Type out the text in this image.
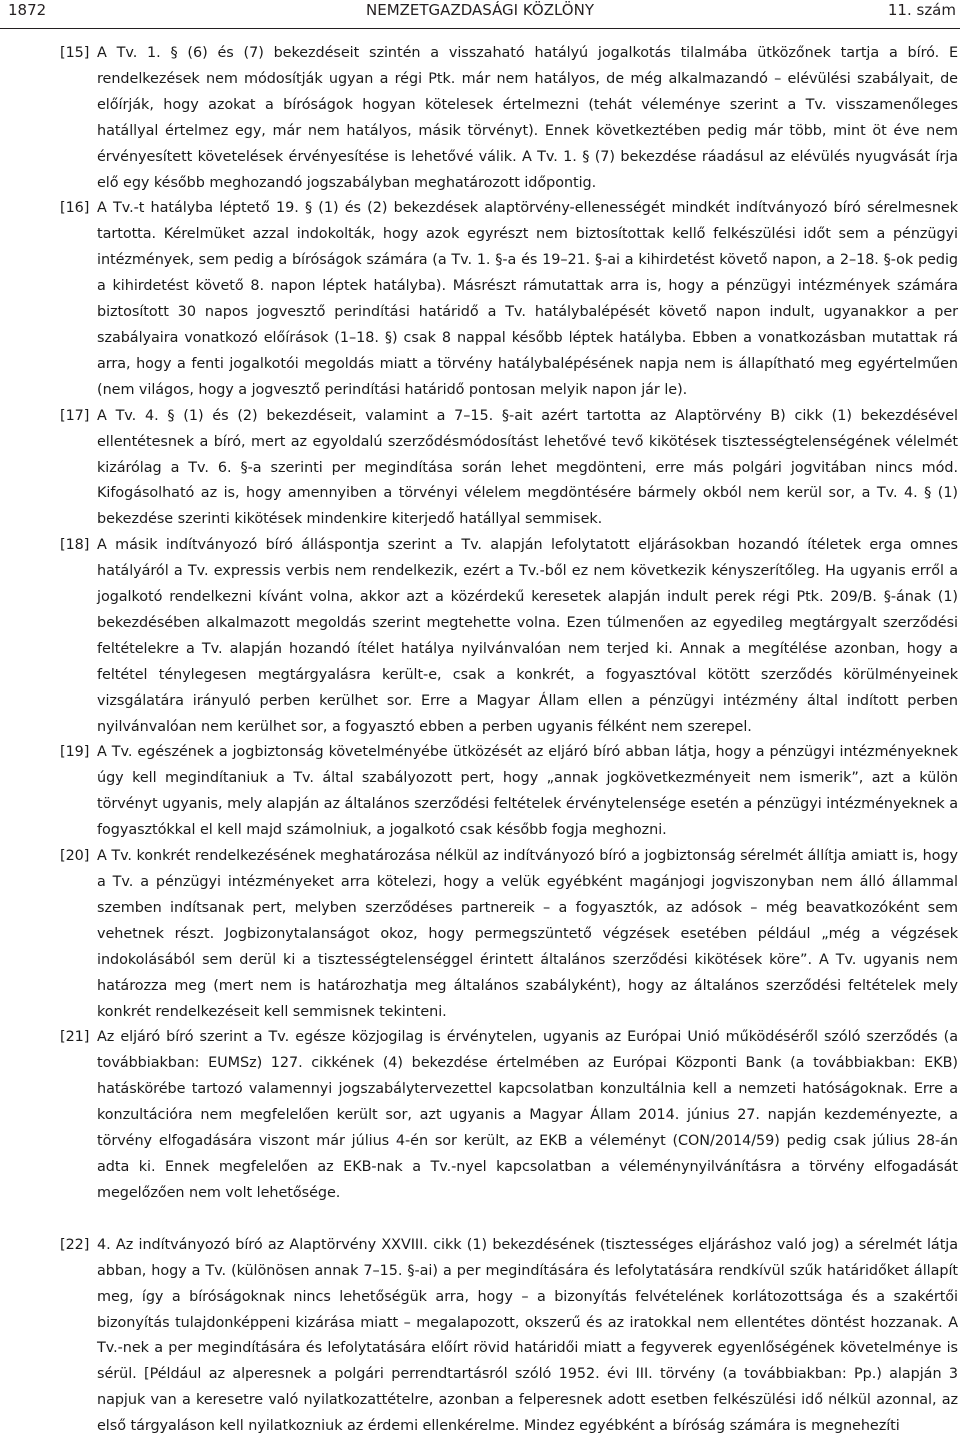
1872	NEMZETGAZDASÁGI KÖZLÖNY	11. szám
[15] A Tv. 1. § (6) és (7) bekezdéseit szintén a visszaható hatályú jogalkotás tilalmába ütközőnek tartja a bíró. E rendelkezések nem módosítják ugyan a régi Ptk. már nem hatályos, de még alkalmazandó – elévülési szabályait, de előírják, hogy azokat a bíróságok hogyan kötelesek értelmezni (tehát véleménye szerint a Tv. visszamenőleges hatállyal értelmez egy, már nem hatályos, másik törvényt). Ennek következtében pedig már több, mint öt éve nem érvényesített követelések érvényesítése is lehetővé válik. A Tv. 1. § (7) bekezdése ráadásul az elévülés nyugvását írja elő egy később meghozandó jogszabályban meghatározott időpontig.
[16] A Tv.-t hatályba léptető 19. § (1) és (2) bekezdések alaptörvény-ellenességét mindkét indítványozó bíró sérelmesnek tartotta. Kérelmüket azzal indokolták, hogy azok egyrészt nem biztosítottak kellő felkészülési időt sem a pénzügyi intézmények, sem pedig a bíróságok számára (a Tv. 1. §-a és 19–21. §-ai a kihirdetést követő napon, a 2–18. §-ok pedig a kihirdetést követő 8. napon léptek hatályba). Másrészt rámutattak arra is, hogy a pénzügyi intézmények számára biztosított 30 napos jogvesztő perindítási határidő a Tv. hatálybalépését követő napon indult, ugyanakkor a per szabályaira vonatkozó előírások (1–18. §) csak 8 nappal később léptek hatályba. Ebben a vonatkozásban mutattak rá arra, hogy a fenti jogalkotói megoldás miatt a törvény hatálybalépésének napja nem is állapítható meg egyértelműen (nem világos, hogy a jogvesztő perindítási határidő pontosan melyik napon jár le).
[17] A Tv. 4. § (1) és (2) bekezdéseit, valamint a 7–15. §-ait azért tartotta az Alaptörvény B) cikk (1) bekezdésével ellentétesnek a bíró, mert az egyoldalú szerződésmódosítást lehetővé tevő kikötések tisztességtelenségének vélelmét kizárólag a Tv. 6. §-a szerinti per megindítása során lehet megdönteni, erre más polgári jogvitában nincs mód. Kifogásolható az is, hogy amennyiben a törvényi vélelem megdöntésére bármely okból nem kerül sor, a Tv. 4. § (1) bekezdése szerinti kikötések mindenkire kiterjedő hatállyal semmisek.
[18] A másik indítványozó bíró álláspontja szerint a Tv. alapján lefolytatott eljárásokban hozandó ítéletek erga omnes hatályáról a Tv. expressis verbis nem rendelkezik, ezért a Tv.-ből ez nem következik kényszerítőleg. Ha ugyanis erről a jogalkotó rendelkezni kívánt volna, akkor azt a közérdekű keresetek alapján indult perek régi Ptk. 209/B. §-ának (1) bekezdésében alkalmazott megoldás szerint megtehette volna. Ezen túlmenően az egyedileg megtárgyalt szerződési feltételekre a Tv. alapján hozandó ítélet hatálya nyilvánvalóan nem terjed ki. Annak a megítélése azonban, hogy a feltétel ténylegesen megtárgyalásra került-e, csak a konkrét, a fogyasztóval kötött szerződés körülményeinek vizsgálatára irányuló perben kerülhet sor. Erre a Magyar Állam ellen a pénzügyi intézmény által indított perben nyilvánvalóan nem kerülhet sor, a fogyasztó ebben a perben ugyanis félként nem szerepel.
[19] A Tv. egészének a jogbiztonság követelményébe ütközését az eljáró bíró abban látja, hogy a pénzügyi intézményeknek úgy kell megindítaniuk a Tv. által szabályozott pert, hogy „annak jogkövetkezményeit nem ismerik”, azt a külön törvényt ugyanis, mely alapján az általános szerződési feltételek érvénytelensége esetén a pénzügyi intézményeknek a fogyasztókkal el kell majd számolniuk, a jogalkotó csak később fogja meghozni.
[20] A Tv. konkrét rendelkezésének meghatározása nélkül az indítványozó bíró a jogbiztonság sérelmét állítja amiatt is, hogy a Tv. a pénzügyi intézményeket arra kötelezi, hogy a velük egyébként magánjogi jogviszonyban nem álló állammal szemben indítsanak pert, melyben szerződéses partnereik – a fogyasztók, az adósok – még beavatkozóként sem vehetnek részt. Jogbizonytalanságot okoz, hogy permegszüntető végzések esetében például „még a végzések indokolásából sem derül ki a tisztességtelenséggel érintett általános szerződési kikötések köre”. A Tv. ugyanis nem határozza meg (mert nem is határozhatja meg általános szabályként), hogy az általános szerződési feltételek mely konkrét rendelkezéseit kell semmisnek tekinteni.
[21] Az eljáró bíró szerint a Tv. egésze közjogilag is érvénytelen, ugyanis az Európai Unió működéséről szóló szerződés (a továbbiakban: EUMSz) 127. cikkének (4) bekezdése értelmében az Európai Központi Bank (a továbbiakban: EKB) hatáskörébe tartozó valamennyi jogszabálytervezettel kapcsolatban konzultálnia kell a nemzeti hatóságoknak. Erre a konzultációra nem megfelelően került sor, azt ugyanis a Magyar Állam 2014. június 27. napján kezdeményezte, a törvény elfogadására viszont már július 4-én sor került, az EKB a véleményt (CON/2014/59) pedig csak július 28-án adta ki. Ennek megfelelően az EKB-nak a Tv.-nyel kapcsolatban a véleménynyilvánításra a törvény elfogadását megelőzően nem volt lehetősége.
[22] 4. Az indítványozó bíró az Alaptörvény XXVIII. cikk (1) bekezdésének (tisztességes eljáráshoz való jog) a sérelmét látja abban, hogy a Tv. (különösen annak 7–15. §-ai) a per megindítására és lefolytatására rendkívül szűk határidőket állapít meg, így a bíróságoknak nincs lehetőségük arra, hogy – a bizonyítás felvételének korlátozottsága és a szakértői bizonyítás tulajdonképpeni kizárása miatt – megalapozott, okszerű és az iratokkal nem ellentétes döntést hozzanak. A Tv.-nek a per megindítására és lefolytatására előírt rövid határidői miatt a fegyverek egyenlőségének követelménye is sérül. [Például az alperesnek a polgári perrendtartásról szóló 1952. évi III. törvény (a továbbiakban: Pp.) alapján 3 napjuk van a keresetre való nyilatkozattételre, azonban a felperesnek adott esetben felkészülési idő nélkül azonnal, az első tárgyaláson kell nyilatkozniuk az érdemi ellenkérelme. Mindez egyébként a bíróság számára is megnehezíti
